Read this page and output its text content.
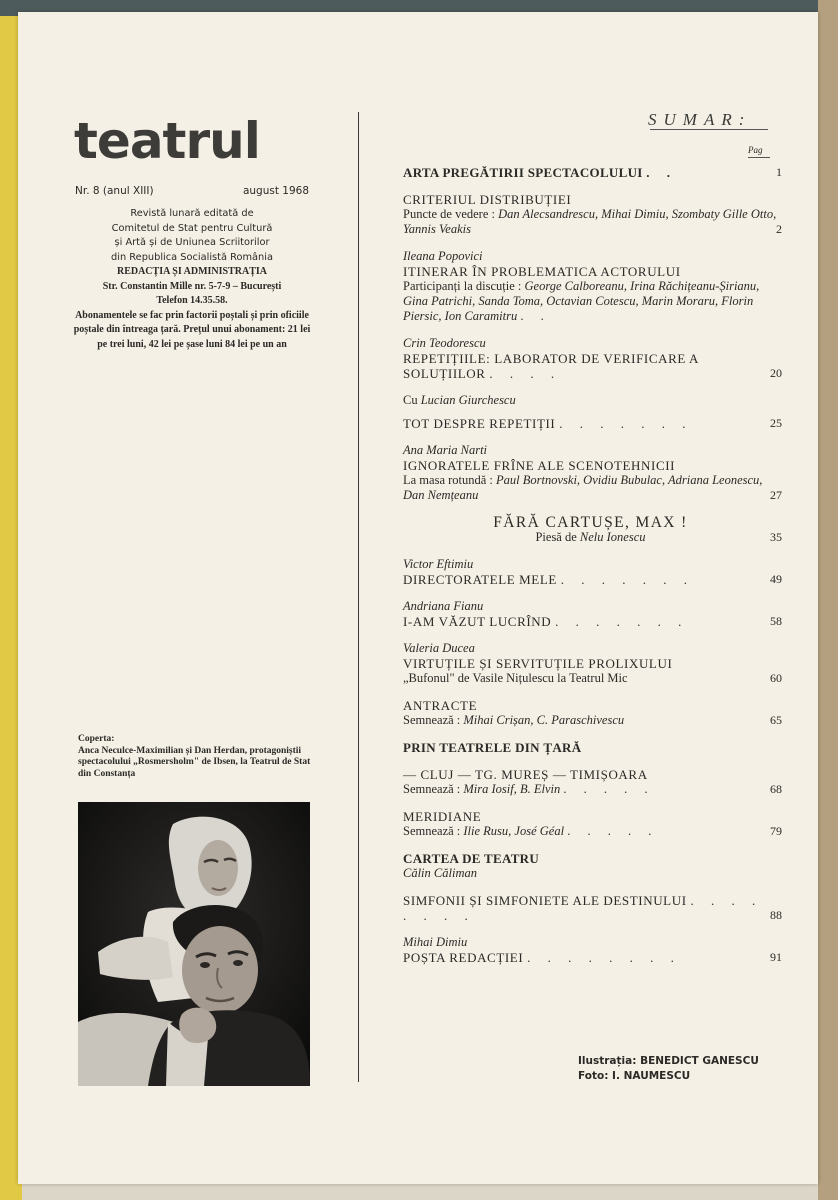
teatrul
Nr. 8 (anul XIII)	august 1968
Revistă lunară editată de
Comitetul de Stat pentru Cultură
și Artă și de Uniunea Scriitorilor
din Republica Socialistă România
REDACȚIA ȘI ADMINISTRAȚIA
Str. Constantin Mille nr. 5-7-9 – București
Telefon 14.35.58.
Abonamentele se fac prin factorii poștali și prin oficiile poștale din întreaga țară. Prețul unui abonament: 21 lei pe trei luni, 42 lei pe șase luni 84 lei pe un an
Coperta:
Anca Neculce-Maximilian și Dan Herdan, protagoniștii spectacolului „Rosmersholm" de Ibsen, la Teatrul de Stat din Constanța
SUMAR:
Pag
ARTA PREGĂTIRII SPECTACOLULUI . .	1
CRITERIUL DISTRIBUȚIEI
Puncte de vedere : Dan Alecsandrescu, Mihai Dimiu, Szombaty Gille Otto, Yannis Veakis	2
Ileana Popovici
ITINERAR ÎN PROBLEMATICA ACTORULUI
Participanți la discuție : George Calboreanu, Irina Răchițeanu-Șirianu, Gina Patrichi, Sanda Toma, Octavian Cotescu, Marin Moraru, Florin Piersic, Ion Caramitru . .
Crin Teodorescu
REPETIȚIILE: LABORATOR DE VERIFICARE A SOLUȚIILOR . . . .	20
Cu Lucian Giurchescu
TOT DESPRE REPETIȚII . . . . . . .	25
Ana Maria Narti
IGNORATELE FRÎNE ALE SCENOTEHNICII
La masa rotundă : Paul Bortnovski, Ovidiu Bubulac, Adriana Leonescu, Dan Nemțeanu	27
FĂRĂ CARTUȘE, MAX !
Piesă de Nelu Ionescu	35
Victor Eftimiu
DIRECTORATELE MELE . . . . . . .	49
Andriana Fianu
I-AM VĂZUT LUCRÎND . . . . . . .	58
Valeria Ducea
VIRTUȚILE ȘI SERVITUȚILE PROLIXULUI
„Bufonul" de Vasile Nițulescu la Teatrul Mic	60
ANTRACTE
Semnează : Mihai Crișan, C. Paraschivescu	65
PRIN TEATRELE DIN ȚARĂ
— CLUJ — TG. MUREȘ — TIMIȘOARA
Semnează : Mira Iosif, B. Elvin . . . . .	68
MERIDIANE
Semnează : Ilie Rusu, José Géal . . . . .	79
CARTEA DE TEATRU
Călin Căliman
SIMFONII ȘI SIMFONIETE ALE DESTINULUI . . . . . . . .	88
Mihai Dimiu
POȘTA REDACȚIEI . . . . . . . .	91
Ilustrația: BENEDICT GANESCU
Foto: I. NAUMESCU
